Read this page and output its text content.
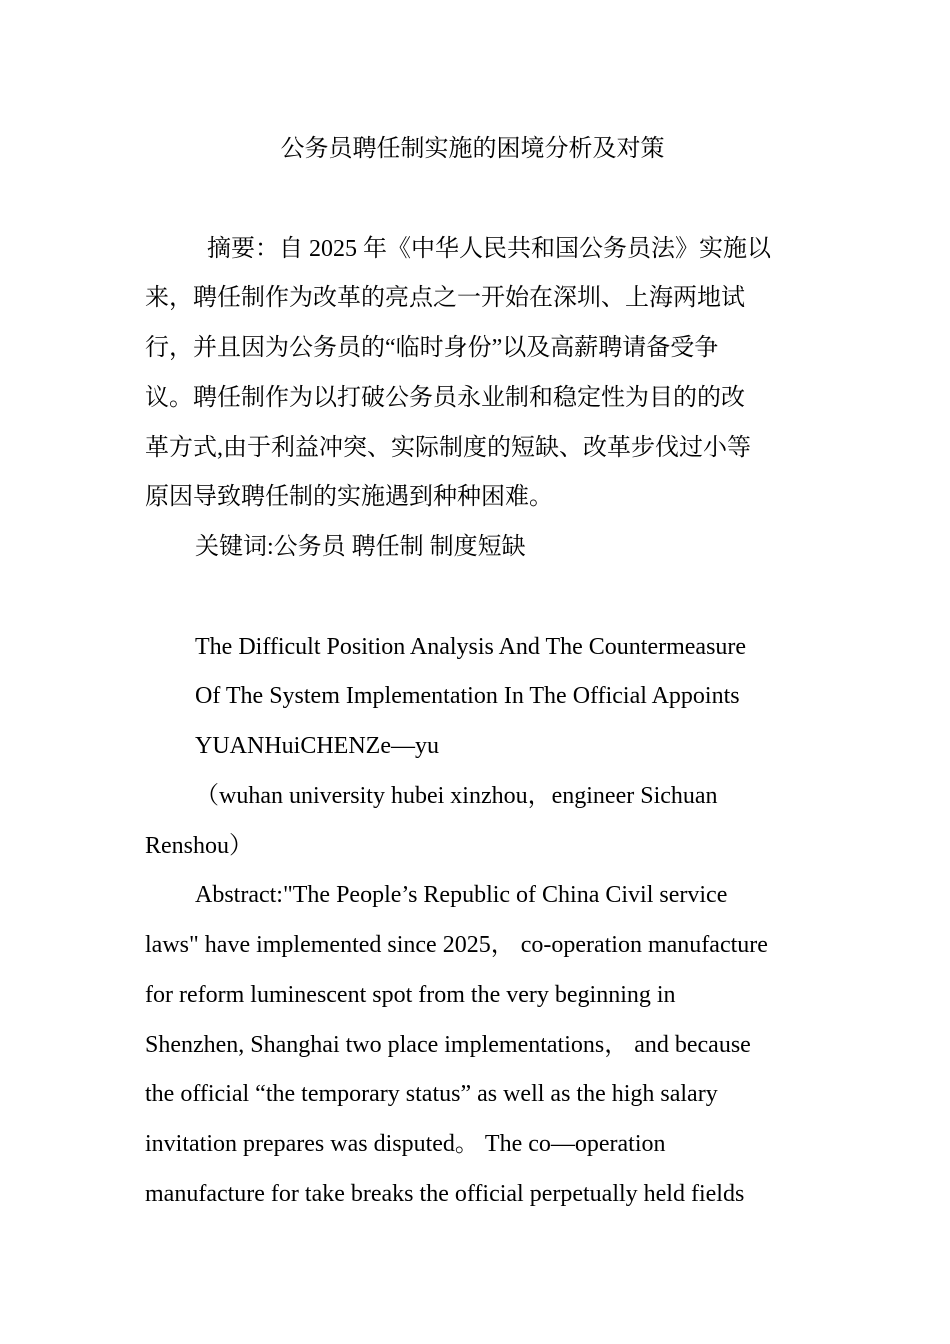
公务员聘任制实施的困境分析及对策
摘要：自 2025 年《中华人民共和国公务员法》实施以
来，聘任制作为改革的亮点之一开始在深圳、上海两地试
行，并且因为公务员的“临时身份”以及高薪聘请备受争
议。聘任制作为以打破公务员永业制和稳定性为目的的改
革方式,由于利益冲突、实际制度的短缺、改革步伐过小等
原因导致聘任制的实施遇到种种困难。
关键词:公务员 聘任制 制度短缺
The Difficult Position Analysis And The Countermeasure
Of The System Implementation In The Official Appoints
YUANHuiCHENZe—yu
（wuhan university hubei xinzhou，engineer Sichuan
Renshou）
Abstract:"The People’s Republic of China Civil service
laws" have implemented since 2025， co-operation manufacture
for reform luminescent spot from the very beginning in
Shenzhen, Shanghai two place implementations， and because
the official “the temporary status” as well as the high salary
invitation prepares was disputed。 The co—operation
manufacture for take breaks the official perpetually held fields
